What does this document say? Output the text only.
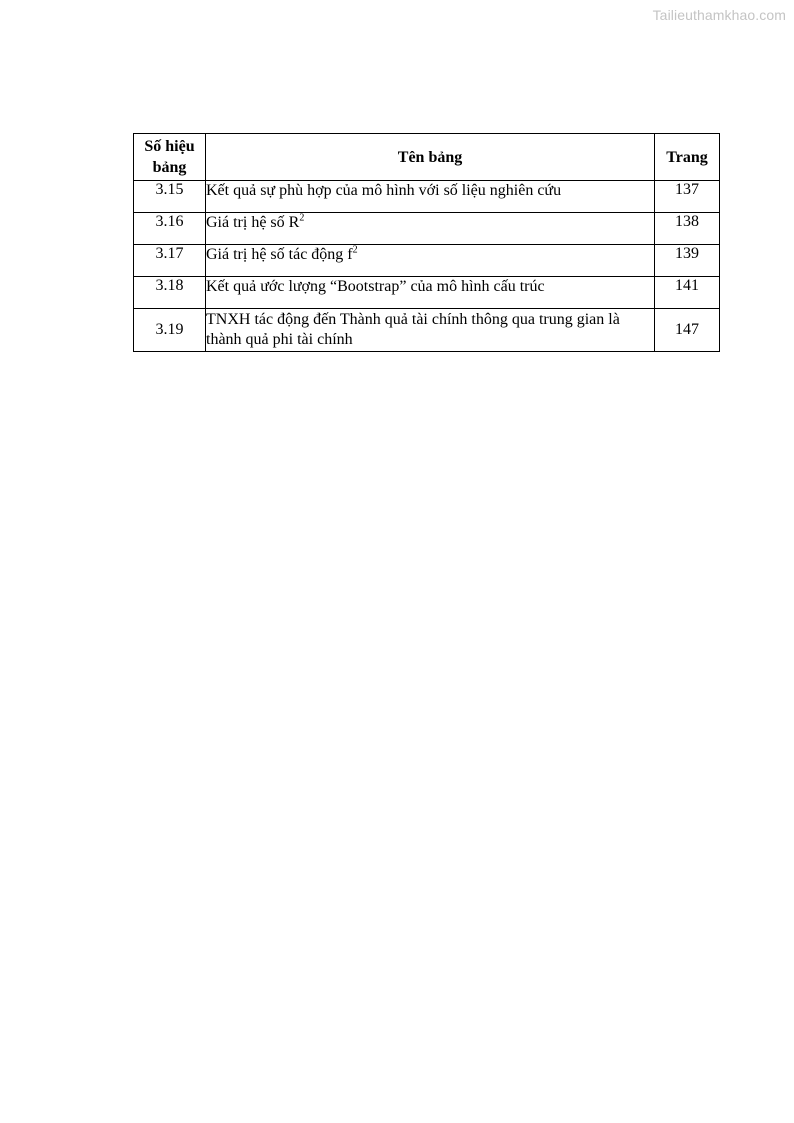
Tailieuthamkhao.com
Số hiệu bảng	Tên bảng	Trang
3.15	Kết quả sự phù hợp của mô hình với số liệu nghiên cứu	137
3.16	Giá trị hệ số $R^2$	138
3.17	Giá trị hệ số tác động $f^2$	139
3.18	Kết quả ước lượng “Bootstrap” của mô hình cấu trúc	141
3.19	TNXH tác động đến Thành quả tài chính thông qua trung gian là thành quả phi tài chính	147
